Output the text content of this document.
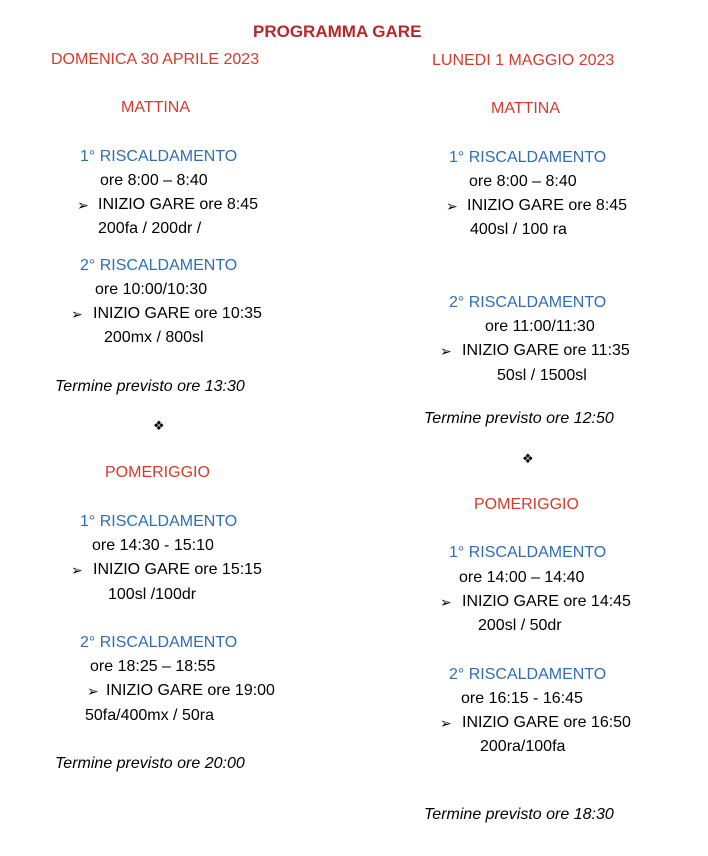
PROGRAMMA GARE
DOMENICA 30 APRILE 2023
MATTINA
1° RISCALDAMENTO
ore 8:00 – 8:40
➢ INIZIO GARE ore 8:45
200fa / 200dr /
2° RISCALDAMENTO
ore 10:00/10:30
➢ INIZIO GARE ore 10:35
200mx / 800sl
Termine previsto ore 13:30
❖
POMERIGGIO
1° RISCALDAMENTO
ore 14:30 - 15:10
➢ INIZIO GARE ore 15:15
100sl /100dr
2° RISCALDAMENTO
ore 18:25 – 18:55
➢ INIZIO GARE ore 19:00
50fa/400mx / 50ra
Termine previsto ore 20:00
LUNEDI 1 MAGGIO 2023
MATTINA
1° RISCALDAMENTO
ore 8:00 – 8:40
➢ INIZIO GARE ore 8:45
400sl / 100 ra
2° RISCALDAMENTO
ore 11:00/11:30
➢ INIZIO GARE ore 11:35
50sl / 1500sl
Termine previsto ore 12:50
❖
POMERIGGIO
1° RISCALDAMENTO
ore 14:00 – 14:40
➢ INIZIO GARE ore 14:45
200sl / 50dr
2° RISCALDAMENTO
ore 16:15 - 16:45
➢ INIZIO GARE ore 16:50
200ra/100fa
Termine previsto ore 18:30
